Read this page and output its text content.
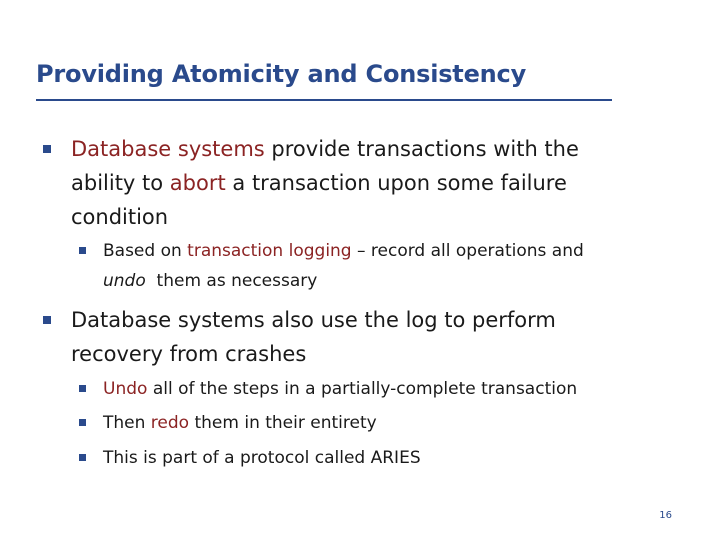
Providing Atomicity and Consistency
Database systems provide transactions with the
ability to abort a transaction upon some failure
condition
Based on transaction logging – record all operations and
undo  them as necessary
Database systems also use the log to perform
recovery from crashes
Undo all of the steps in a partially-complete transaction
Then redo them in their entirety
This is part of a protocol called ARIES
16
